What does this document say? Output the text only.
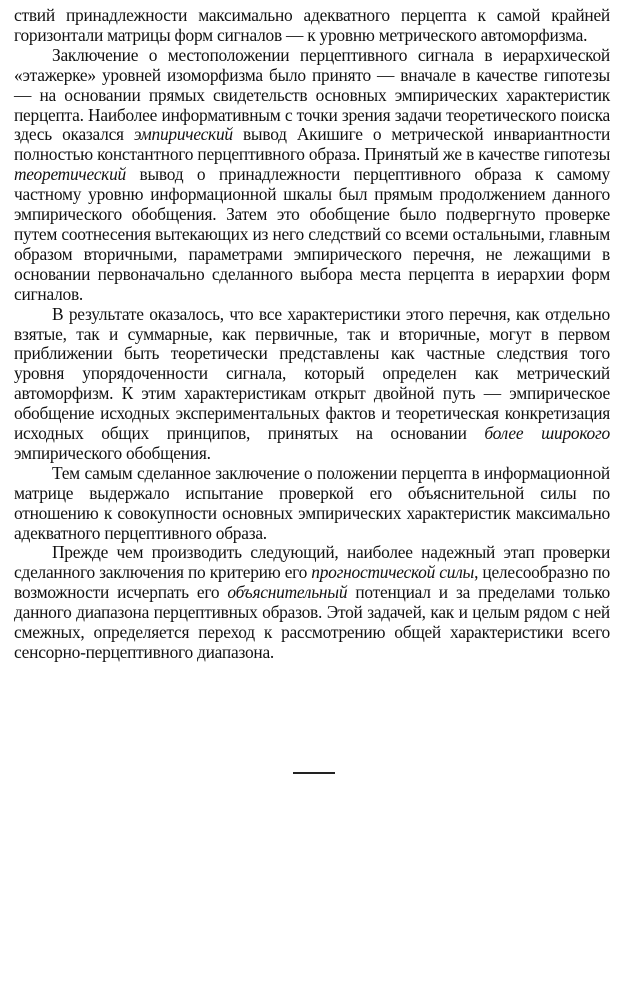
ствий принадлежности максимально адекватного перцепта к самой крайней горизонтали матрицы форм сигналов — к уровню метрического автоморфизма.

Заключение о местоположении перцептивного сигнала в иерархической «этажерке» уровней изоморфизма было принято — вначале в качестве гипотезы — на основании прямых свидетельств основных эмпирических характеристик перцепта. Наиболее информативным с точки зрения задачи теоретического поиска здесь оказался эмпирический вывод Акишиге о метрической инвариантности полностью константного перцептивного образа. Принятый же в качестве гипотезы теоретический вывод о принадлежности перцептивного образа к самому частному уровню информационной шкалы был прямым продолжением данного эмпирического обобщения. Затем это обобщение было подвергнуто проверке путем соотнесения вытекающих из него следствий со всеми остальными, главным образом вторичными, параметрами эмпирического перечня, не лежащими в основании первоначально сделанного выбора места перцепта в иерархии форм сигналов.

В результате оказалось, что все характеристики этого перечня, как отдельно взятые, так и суммарные, как первичные, так и вторичные, могут в первом приближении быть теоретически представлены как частные следствия того уровня упорядоченности сигнала, который определен как метрический автоморфизм. К этим характеристикам открыт двойной путь — эмпирическое обобщение исходных экспериментальных фактов и теоретическая конкретизация исходных общих принципов, принятых на основании более широкого эмпирического обобщения.

Тем самым сделанное заключение о положении перцепта в информационной матрице выдержало испытание проверкой его объяснительной силы по отношению к совокупности основных эмпирических характеристик максимально адекватного перцептивного образа.

Прежде чем производить следующий, наиболее надежный этап проверки сделанного заключения по критерию его прогностической силы, целесообразно по возможности исчерпать его объяснительный потенциал и за пределами только данного диапазона перцептивных образов. Этой задачей, как и целым рядом с ней смежных, определяется переход к рассмотрению общей характеристики всего сенсорно-перцептивного диапазона.
